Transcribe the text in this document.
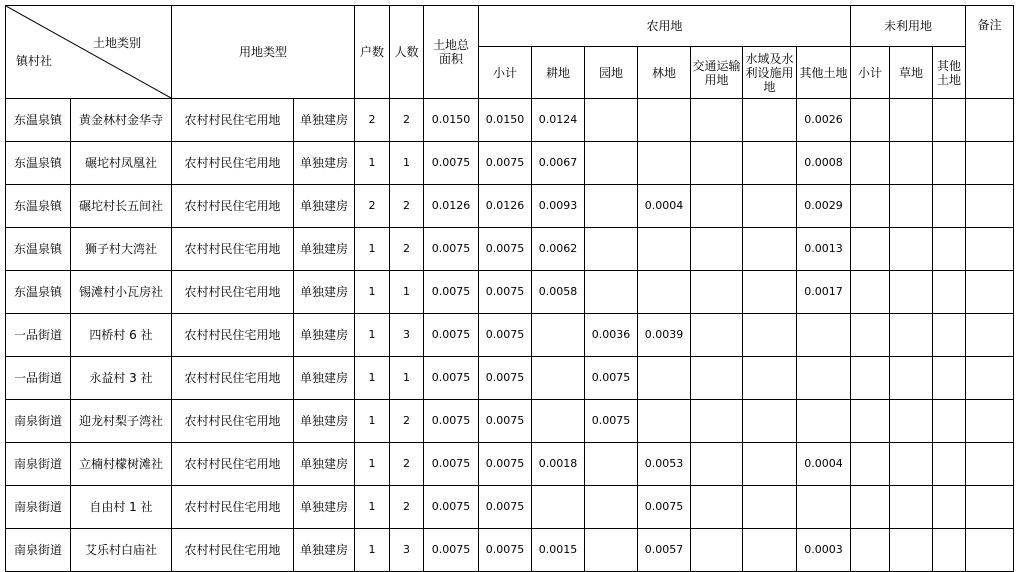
土地类别
镇村社		用地类型		户数	人数	土地总面积	农用地							未利用地			备注
							小计	耕地	园地	林地	交通运输用地	水域及水利设施用地	其他土地	小计	草地	其他土地	
东温泉镇	黄金林村金华寺	农村村民住宅用地	单独建房	2	2	0.0150	0.0150	0.0124					0.0026				
东温泉镇	碾坨村凤凰社	农村村民住宅用地	单独建房	1	1	0.0075	0.0075	0.0067					0.0008				
东温泉镇	碾坨村长五间社	农村村民住宅用地	单独建房	2	2	0.0126	0.0126	0.0093		0.0004			0.0029				
东温泉镇	狮子村大湾社	农村村民住宅用地	单独建房	1	2	0.0075	0.0075	0.0062					0.0013				
东温泉镇	锡滩村小瓦房社	农村村民住宅用地	单独建房	1	1	0.0075	0.0075	0.0058					0.0017				
一品街道	四桥村 6 社	农村村民住宅用地	单独建房	1	3	0.0075	0.0075		0.0036	0.0039							
一品街道	永益村 3 社	农村村民住宅用地	单独建房	1	1	0.0075	0.0075		0.0075								
南泉街道	迎龙村梨子湾社	农村村民住宅用地	单独建房	1	2	0.0075	0.0075		0.0075								
南泉街道	立楠村檬树滩社	农村村民住宅用地	单独建房	1	2	0.0075	0.0075	0.0018		0.0053			0.0004				
南泉街道	自由村 1 社	农村村民住宅用地	单独建房	1	2	0.0075	0.0075			0.0075							
南泉街道	艾乐村白庙社	农村村民住宅用地	单独建房	1	3	0.0075	0.0075	0.0015		0.0057			0.0003				
